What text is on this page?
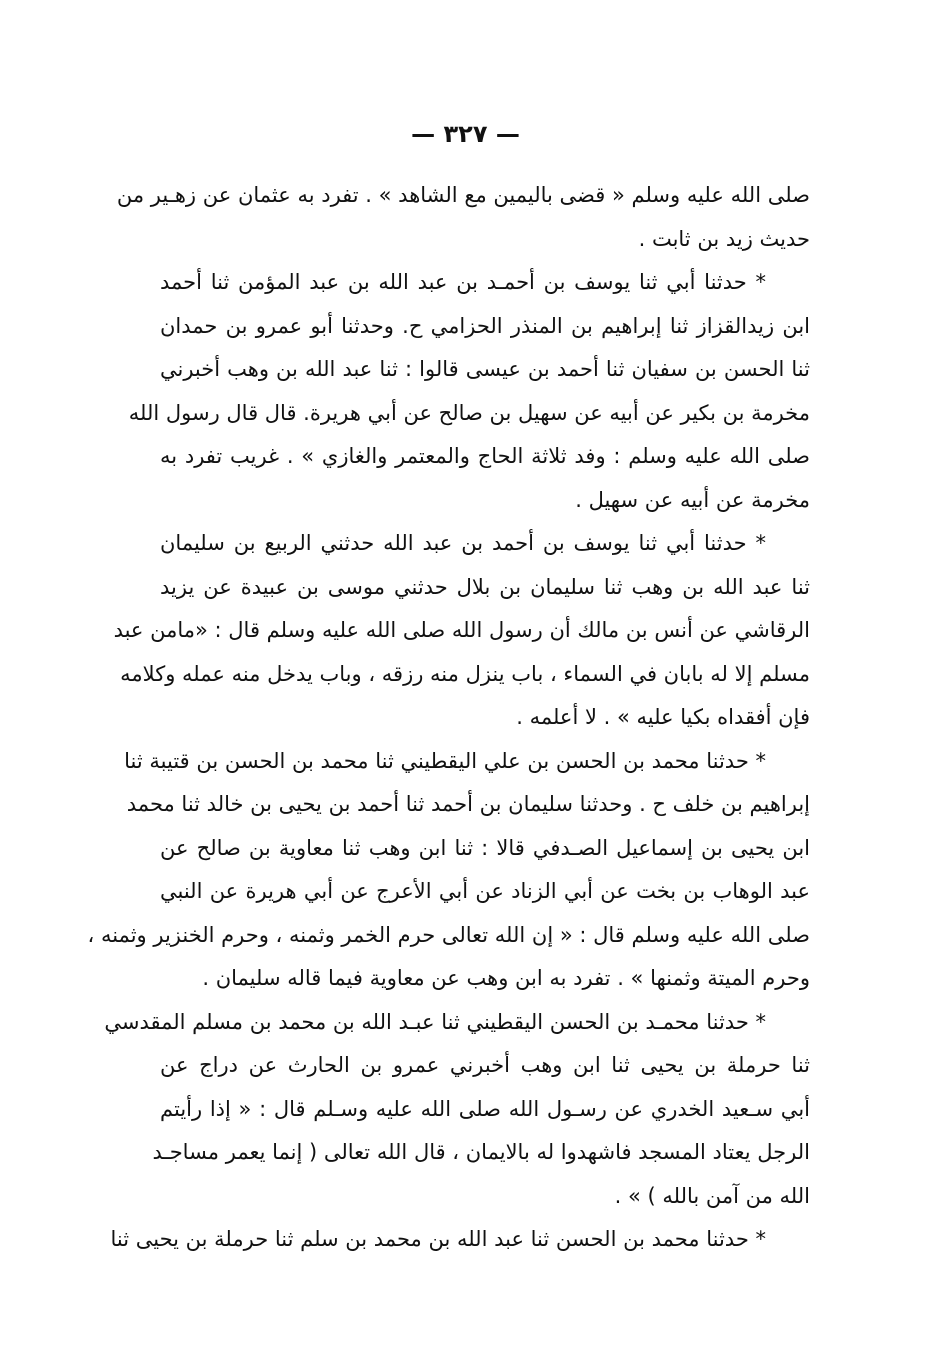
— ٣٢٧ —
صلى الله عليه وسلم « قضى باليمين مع الشاهد » . تفرد به عثمان عن زهـير من
حديث زيد بن ثابت .
* حدثنا أبي ثنا يوسف بن أحمـد بن عبد الله بن عبد المؤمن ثنا أحمد
ابن زيدالقزاز ثنا إبراهيم بن المنذر الحزامي ح. وحدثنا أبو عمرو بن حمدان
ثنا الحسن بن سفيان ثنا أحمد بن عيسى قالوا : ثنا عبد الله بن وهب أخبرني
مخرمة بن بكير عن أبيه عن سهيل بن صالح عن أبي هريرة. قال قال رسول الله
صلى الله عليه وسلم : وفد ثلاثة الحاج والمعتمر والغازي » . غريب تفرد به
مخرمة عن أبيه عن سهيل .
* حدثنا أبي ثنا يوسف بن أحمد بن عبد الله حدثني الربيع بن سليمان
ثنا عبد الله بن وهب ثنا سليمان بن بلال حدثني موسى بن عبيدة عن يزيد
الرقاشي عن أنس بن مالك أن رسول الله صلى الله عليه وسلم قال : «مامن عبد
مسلم إلا له بابان في السماء ، باب ينزل منه رزقه ، وباب يدخل منه عمله وكلامه
فإن أفقداه بكيا عليه » . لا أعلمه .
* حدثنا محمد بن الحسن بن علي اليقطيني ثنا محمد بن الحسن بن قتيبة ثنا
إبراهيم بن خلف ح . وحدثنا سليمان بن أحمد ثنا أحمد بن يحيى بن خالد ثنا محمد
ابن يحيى بن إسماعيل الصـدفي قالا : ثنا ابن وهب ثنا معاوية بن صالح عن
عبد الوهاب بن بخت عن أبي الزناد عن أبي الأعرج عن أبي هريرة عن النبي
صلى الله عليه وسلم قال : « إن الله تعالى حرم الخمر وثمنه ، وحرم الخنزير وثمنه ،
وحرم الميتة وثمنها » . تفرد به ابن وهب عن معاوية فيما قاله سليمان .
* حدثنا محمـد بن الحسن اليقطيني ثنا عبـد الله بن محمد بن مسلم المقدسي
ثنا حرملة بن يحيى ثنا ابن وهب أخبرني عمرو بن الحارث عن دراج عن
أبي سـعيد الخدري عن رسـول الله صلى الله عليه وسـلم قال : « إذا رأيتم
الرجل يعتاد المسجد فاشهدوا له بالايمان ، قال الله تعالى ( إنما يعمر مساجـد
الله من آمن بالله ) » .
* حدثنا محمد بن الحسن ثنا عبد الله بن محمد بن سلم ثنا حرملة بن يحيى ثنا
